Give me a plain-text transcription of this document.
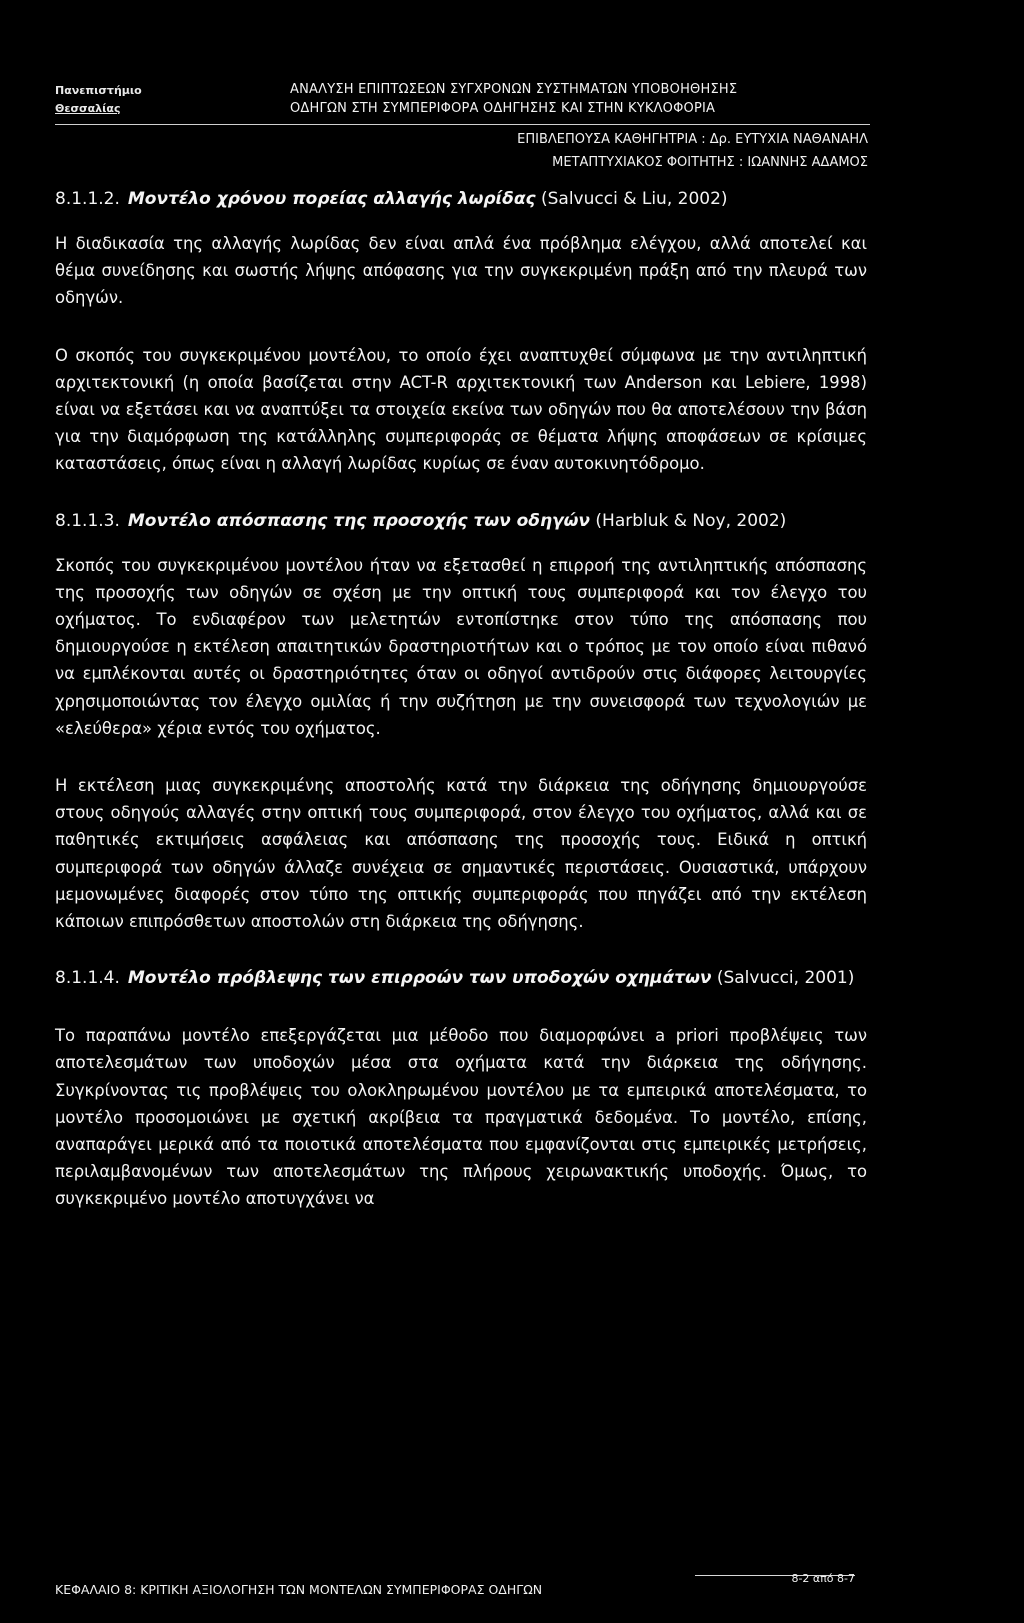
Πανεπιστήμιο
Θεσσαλίας
ΑΝΑΛΥΣΗ ΕΠΙΠΤΩΣΕΩΝ ΣΥΓΧΡΟΝΩΝ ΣΥΣΤΗΜΑΤΩΝ ΥΠΟΒΟΗΘΗΣΗΣ
ΟΔΗΓΩΝ ΣΤΗ ΣΥΜΠΕΡΙΦΟΡΑ ΟΔΗΓΗΣΗΣ ΚΑΙ ΣΤΗΝ ΚΥΚΛΟΦΟΡΙΑ
ΕΠΙΒΛΕΠΟΥΣΑ ΚΑΘΗΓΗΤΡΙΑ : Δρ. ΕΥΤΥΧΙΑ ΝΑΘΑΝΑΗΛ
ΜΕΤΑΠΤΥΧΙΑΚΟΣ ΦΟΙΤΗΤΗΣ : ΙΩΑΝΝΗΣ ΑΔΑΜΟΣ

8.1.1.2. Μοντέλο χρόνου πορείας αλλαγής λωρίδας (Salvucci & Liu, 2002)

Η διαδικασία της αλλαγής λωρίδας δεν είναι απλά ένα πρόβλημα ελέγχου, αλλά αποτελεί και θέμα συνείδησης και σωστής λήψης απόφασης για την συγκεκριμένη πράξη από την πλευρά των οδηγών.

Ο σκοπός του συγκεκριμένου μοντέλου, το οποίο έχει αναπτυχθεί σύμφωνα με την αντιληπτική αρχιτεκτονική (η οποία βασίζεται στην ACT-R αρχιτεκτονική των Anderson και Lebiere, 1998) είναι να εξετάσει και να αναπτύξει τα στοιχεία εκείνα των οδηγών που θα αποτελέσουν την βάση για την διαμόρφωση της κατάλληλης συμπεριφοράς σε θέματα λήψης αποφάσεων σε κρίσιμες καταστάσεις, όπως είναι η αλλαγή λωρίδας κυρίως σε έναν αυτοκινητόδρομο.

8.1.1.3. Μοντέλο απόσπασης της προσοχής των οδηγών (Harbluk & Noy, 2002)

Σκοπός του συγκεκριμένου μοντέλου ήταν να εξετασθεί η επιρροή της αντιληπτικής απόσπασης της προσοχής των οδηγών σε σχέση με την οπτική τους συμπεριφορά και τον έλεγχο του οχήματος. Το ενδιαφέρον των μελετητών εντοπίστηκε στον τύπο της απόσπασης που δημιουργούσε η εκτέλεση απαιτητικών δραστηριοτήτων και ο τρόπος με τον οποίο είναι πιθανό να εμπλέκονται αυτές οι δραστηριότητες όταν οι οδηγοί αντιδρούν στις διάφορες λειτουργίες χρησιμοποιώντας τον έλεγχο ομιλίας ή την συζήτηση με την συνεισφορά των τεχνολογιών με «ελεύθερα» χέρια εντός του οχήματος.

Η εκτέλεση μιας συγκεκριμένης αποστολής κατά την διάρκεια της οδήγησης δημιουργούσε στους οδηγούς αλλαγές στην οπτική τους συμπεριφορά, στον έλεγχο του οχήματος, αλλά και σε παθητικές εκτιμήσεις ασφάλειας και απόσπασης της προσοχής τους. Ειδικά η οπτική συμπεριφορά των οδηγών άλλαζε συνέχεια σε σημαντικές περιστάσεις. Ουσιαστικά, υπάρχουν μεμονωμένες διαφορές στον τύπο της οπτικής συμπεριφοράς που πηγάζει από την εκτέλεση κάποιων επιπρόσθετων αποστολών στη διάρκεια της οδήγησης.

8.1.1.4. Μοντέλο πρόβλεψης των επιρροών των υποδοχών οχημάτων (Salvucci, 2001)

Το παραπάνω μοντέλο επεξεργάζεται μια μέθοδο που διαμορφώνει a priori προβλέψεις των αποτελεσμάτων των υποδοχών μέσα στα οχήματα κατά την διάρκεια της οδήγησης. Συγκρίνοντας τις προβλέψεις του ολοκληρωμένου μοντέλου με τα εμπειρικά αποτελέσματα, το μοντέλο προσομοιώνει με σχετική ακρίβεια τα πραγματικά δεδομένα. Το μοντέλο, επίσης, αναπαράγει μερικά από τα ποιοτικά αποτελέσματα που εμφανίζονται στις εμπειρικές μετρήσεις, περιλαμβανομένων των αποτελεσμάτων της πλήρους χειρωνακτικής υποδοχής. Όμως, το συγκεκριμένο μοντέλο αποτυγχάνει να

ΚΕΦΑΛΑΙΟ 8: ΚΡΙΤΙΚΗ ΑΞΙΟΛΟΓΗΣΗ ΤΩΝ ΜΟΝΤΕΛΩΝ ΣΥΜΠΕΡΙΦΟΡΑΣ ΟΔΗΓΩΝ
8-2 από 8-7
